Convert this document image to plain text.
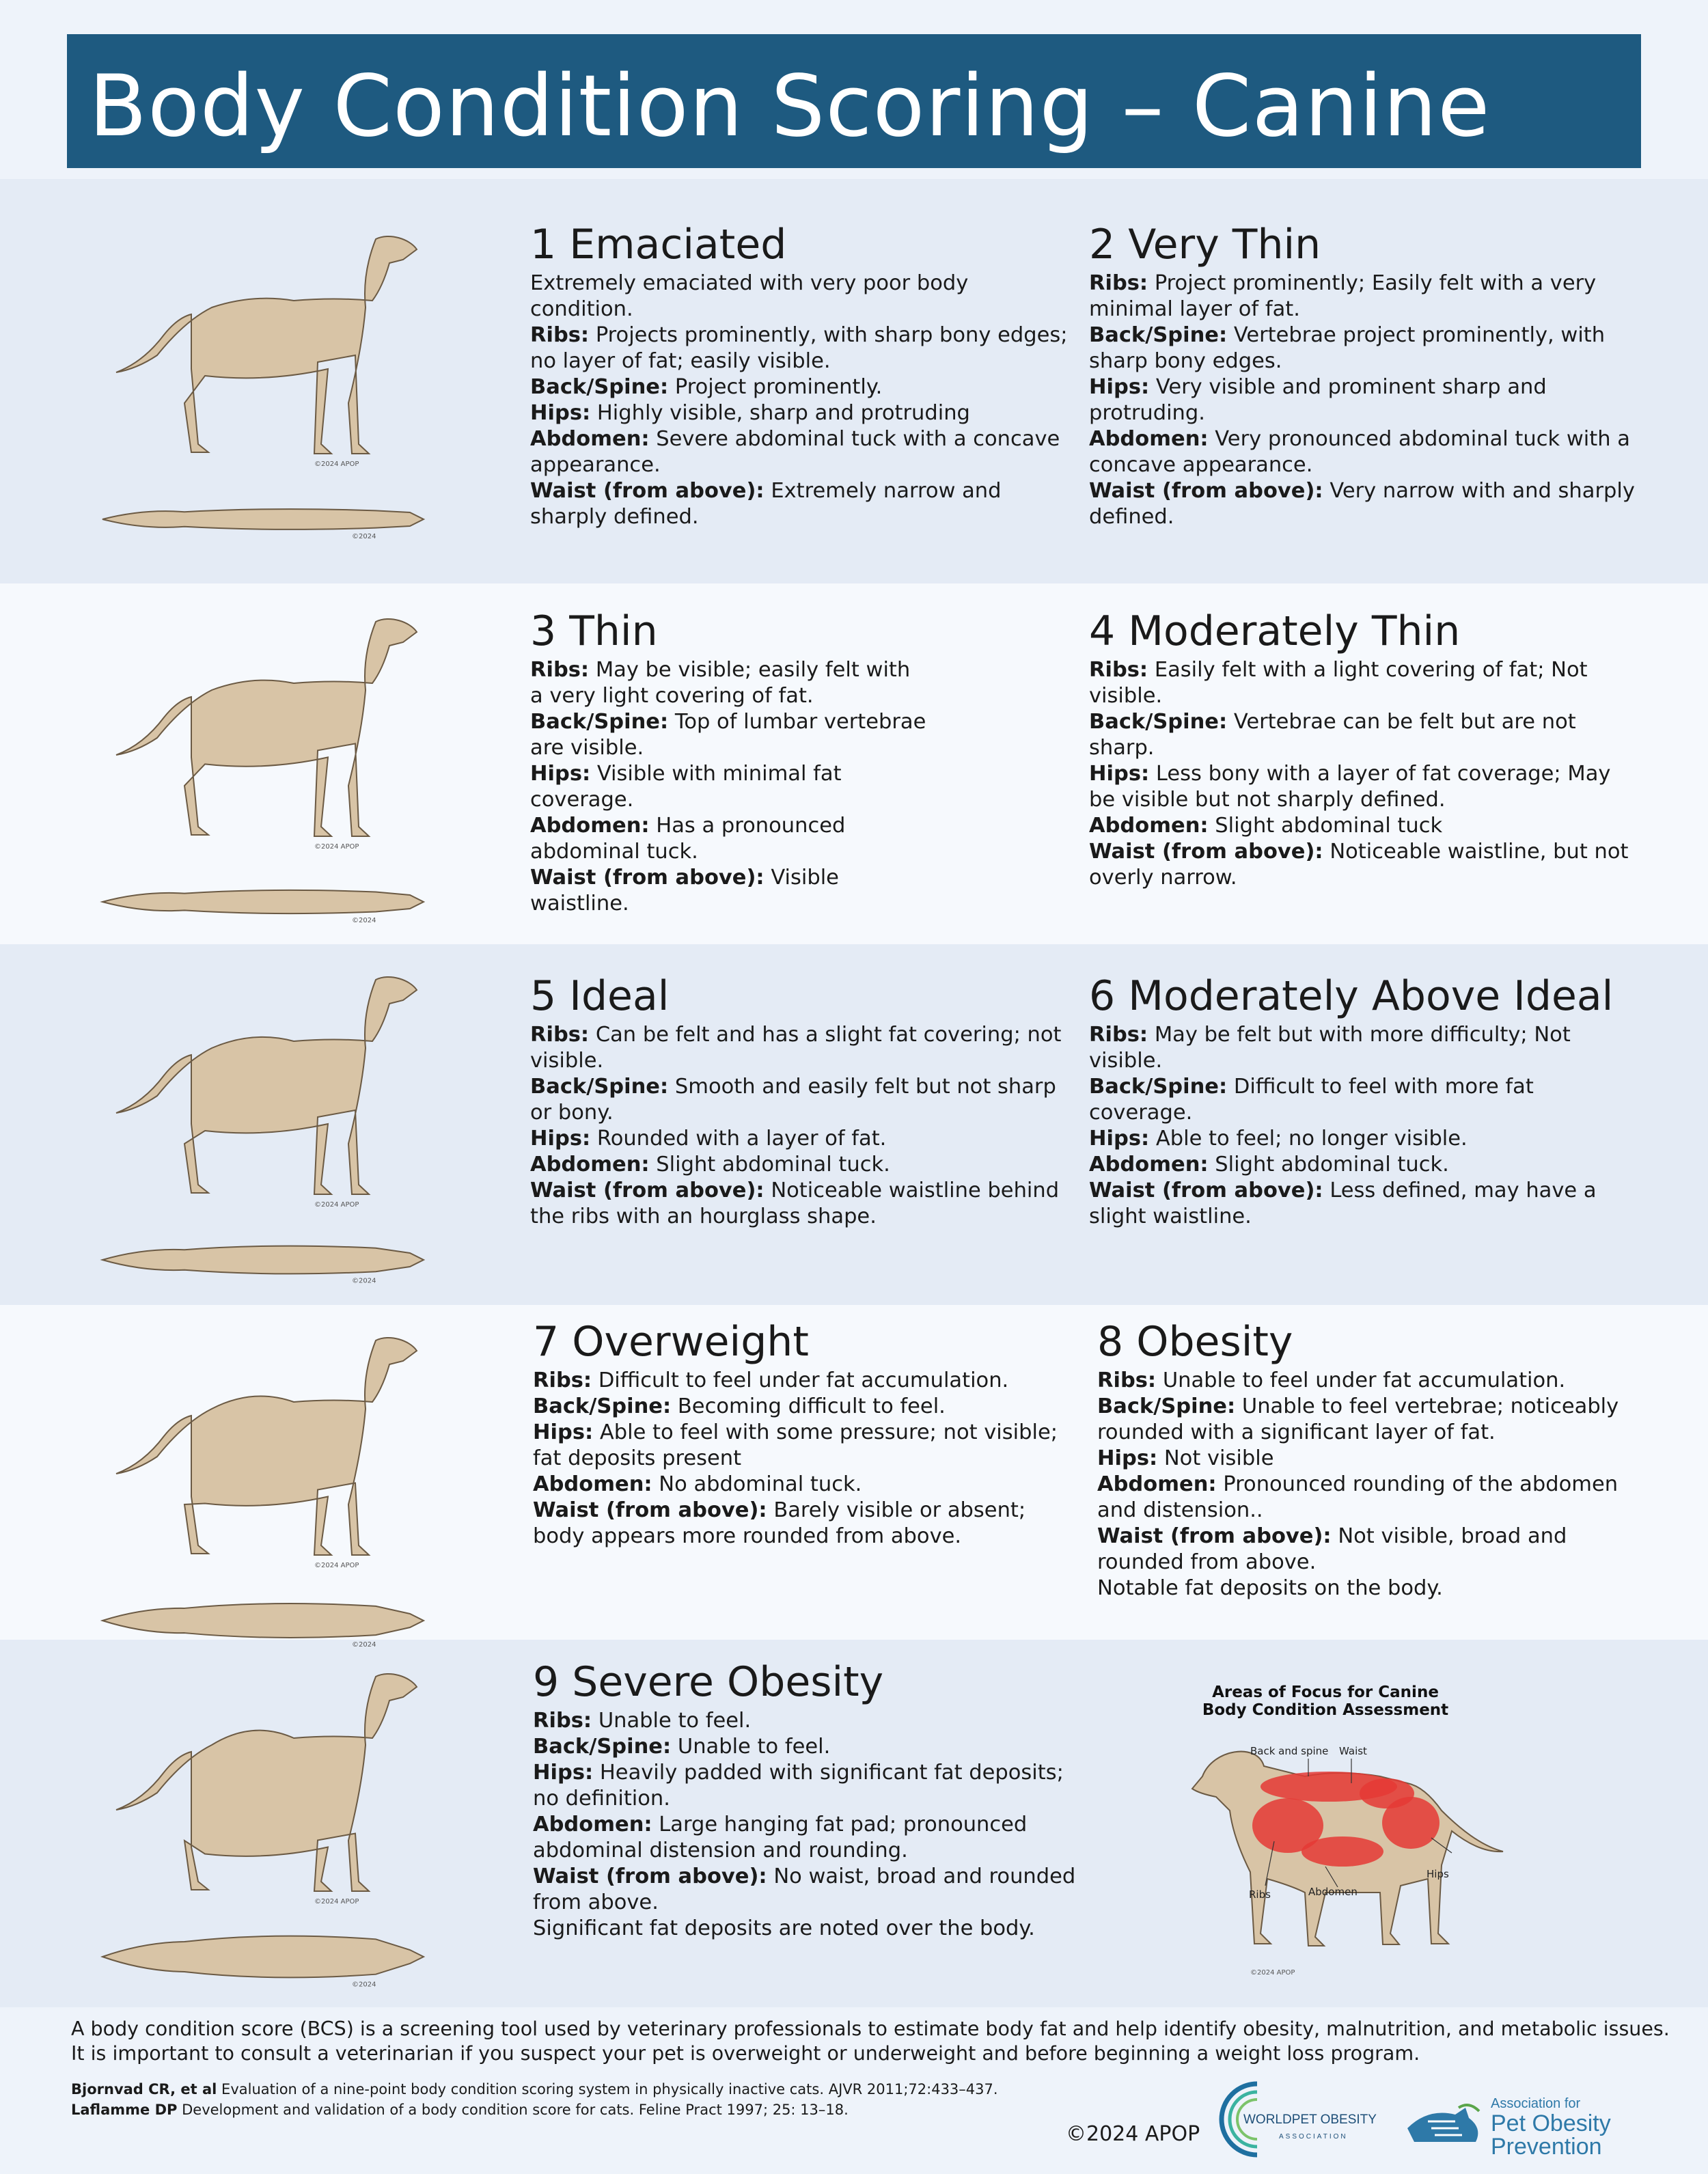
Body Condition Scoring – Canine
©2024 APOP
©2024
©2024 APOP
©2024
©2024 APOP
©2024
©2024 APOP
©2024
©2024 APOP
©2024
1 Emaciated

Extremely emaciated with very poor body condition.

Ribs: Projects prominently, with sharp bony edges; no layer of fat; easily visible.

Back/Spine: Project prominently.

Hips: Highly visible, sharp and protruding

Abdomen: Severe abdominal tuck with a concave appearance.

Waist (from above): Extremely narrow and sharply defined.

2 Very Thin

Ribs: Project prominently; Easily felt with a very minimal layer of fat.

Back/Spine: Vertebrae project prominently, with sharp bony edges.

Hips: Very visible and prominent sharp and protruding.

Abdomen: Very pronounced abdominal tuck with a concave appearance.

Waist (from above): Very narrow with and sharply defined.

3 Thin

Ribs: May be visible; easily felt with a very light covering of fat.

Back/Spine: Top of lumbar vertebrae are visible.

Hips: Visible with minimal fat coverage.

Abdomen: Has a pronounced abdominal tuck.

Waist (from above): Visible waistline.

4 Moderately Thin

Ribs: Easily felt with a light covering of fat; Not visible.

Back/Spine: Vertebrae can be felt but are not sharp.

Hips: Less bony with a layer of fat coverage; May be visible but not sharply defined.

Abdomen: Slight abdominal tuck

Waist (from above): Noticeable waistline, but not overly narrow.

5 Ideal

Ribs: Can be felt and has a slight fat covering; not visible.

Back/Spine: Smooth and easily felt but not sharp or bony.

Hips: Rounded with a layer of fat.

Abdomen: Slight abdominal tuck.

Waist (from above): Noticeable waistline behind the ribs with an hourglass shape.

6 Moderately Above Ideal

Ribs: May be felt but with more difficulty; Not visible.

Back/Spine: Difficult to feel with more fat coverage.

Hips: Able to feel; no longer visible.

Abdomen: Slight abdominal tuck.

Waist (from above): Less defined, may have a slight waistline.

7 Overweight

Ribs: Difficult to feel under fat accumulation.

Back/Spine: Becoming difficult to feel.

Hips: Able to feel with some pressure; not visible; fat deposits present

Abdomen: No abdominal tuck.

Waist (from above): Barely visible or absent; body appears more rounded from above.

8 Obesity

Ribs: Unable to feel under fat accumulation.

Back/Spine: Unable to feel vertebrae; noticeably rounded with a significant layer of fat.

Hips: Not visible

Abdomen: Pronounced rounding of the abdomen and distension..

Waist (from above): Not visible, broad and rounded from above.

Notable fat deposits on the body.

9 Severe Obesity

Ribs: Unable to feel.

Back/Spine: Unable to feel.

Hips: Heavily padded with significant fat deposits; no definition.

Abdomen: Large hanging fat pad; pronounced abdominal distension and rounding.

Waist (from above): No waist, broad and rounded from above.

Significant fat deposits are noted over the body.

Areas of Focus for Canine
Body Condition Assessment
Back and spine Waist
Hips
Ribs	Abdomen
©2024 APOP
A body condition score (BCS) is a screening tool used by veterinary professionals to estimate body fat and help identify obesity, malnutrition, and metabolic issues.
It is important to consult a veterinarian if you suspect your pet is overweight or underweight and before beginning a weight loss program.
Bjornvad CR, et al Evaluation of a nine-point body condition scoring system in physically inactive cats. AJVR 2011;72:433–437.
Laflamme DP Development and validation of a body condition score for cats. Feline Pract 1997; 25: 13–18.
©2024 APOP
WORLDPET OBESITY
ASSOCIATION
Association for
Pet Obesity
Prevention
